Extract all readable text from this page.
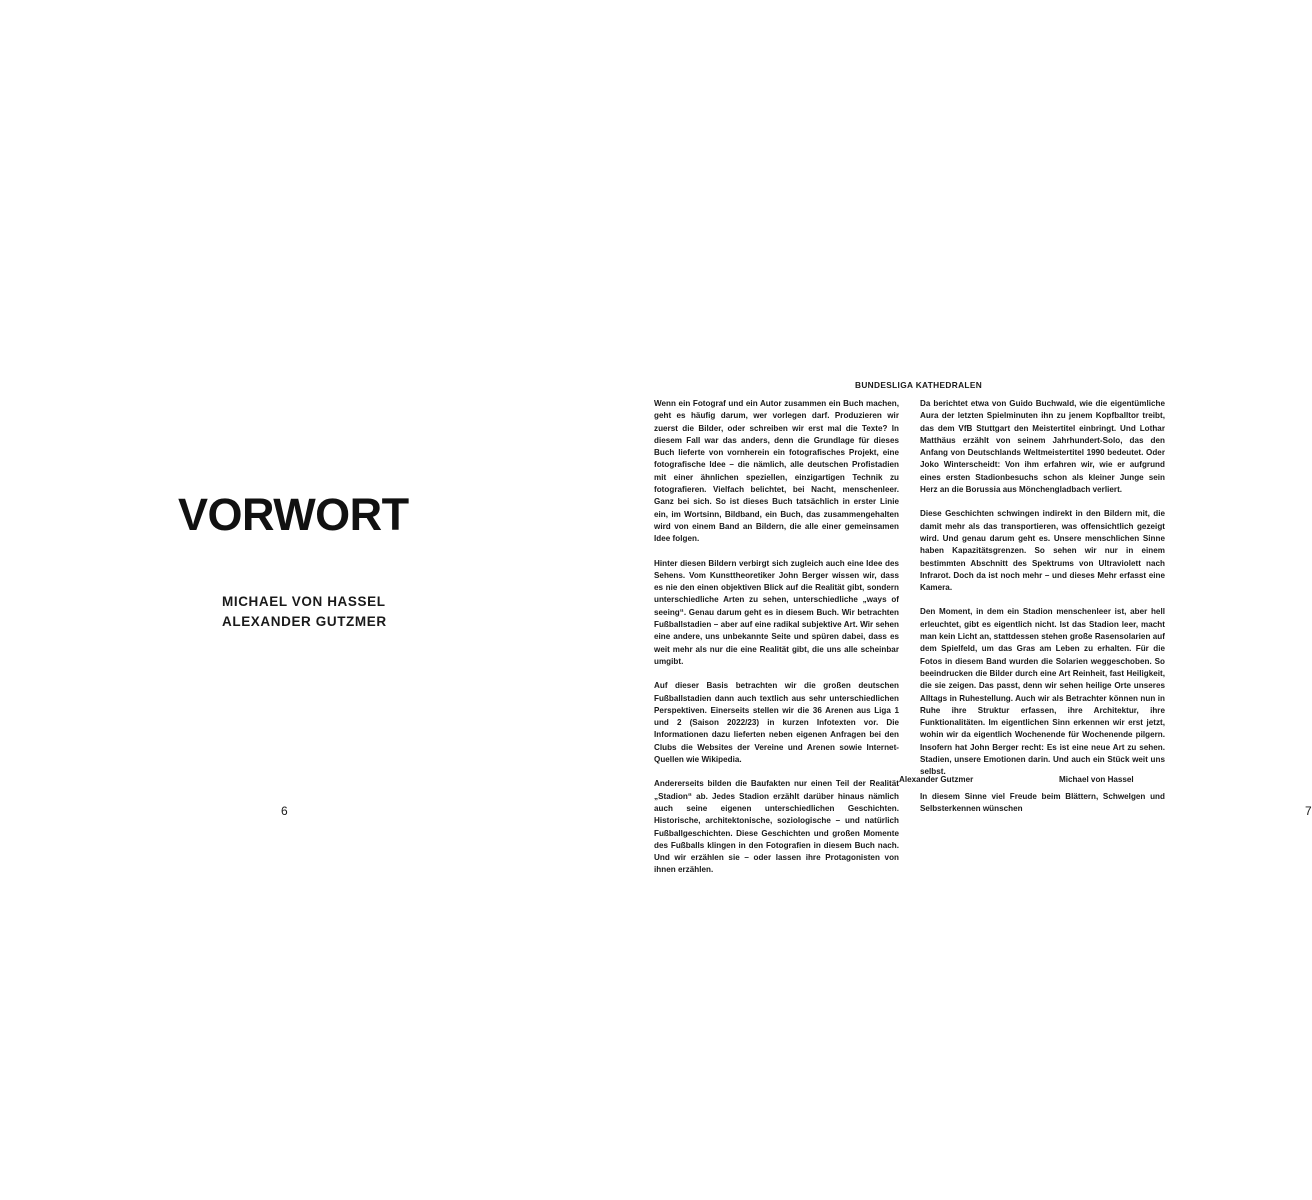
VORWORT
MICHAEL VON HASSEL
ALEXANDER GUTZMER
6
BUNDESLIGA KATHEDRALEN

Wenn ein Fotograf und ein Autor zusammen ein Buch machen, geht es häufig darum, wer vorlegen darf. Produzieren wir zuerst die Bilder, oder schreiben wir erst mal die Texte? In diesem Fall war das anders, denn die Grundlage für dieses Buch lieferte von vornherein ein fotografisches Projekt, eine fotografische Idee – die nämlich, alle deutschen Profistadien mit einer ähnlichen speziellen, einzigartigen Technik zu fotografieren. Vielfach belichtet, bei Nacht, menschenleer. Ganz bei sich. So ist dieses Buch tatsächlich in erster Linie ein, im Wortsinn, Bildband, ein Buch, das zusammengehalten wird von einem Band an Bildern, die alle einer gemeinsamen Idee folgen.

Hinter diesen Bildern verbirgt sich zugleich auch eine Idee des Sehens. Vom Kunsttheoretiker John Berger wissen wir, dass es nie den einen objektiven Blick auf die Realität gibt, sondern unterschiedliche Arten zu sehen, unterschiedliche „ways of seeing“. Genau darum geht es in diesem Buch. Wir betrachten Fußballstadien – aber auf eine radikal subjektive Art. Wir sehen eine andere, uns unbekannte Seite und spüren dabei, dass es weit mehr als nur die eine Realität gibt, die uns alle scheinbar umgibt.

Auf dieser Basis betrachten wir die großen deutschen Fußballstadien dann auch textlich aus sehr unterschiedlichen Perspektiven. Einerseits stellen wir die 36 Arenen aus Liga 1 und 2 (Saison 2022/23) in kurzen Infotexten vor. Die Informationen dazu lieferten neben eigenen Anfragen bei den Clubs die Websites der Vereine und Arenen sowie Internet-Quellen wie Wikipedia.

Andererseits bilden die Baufakten nur einen Teil der Realität „Stadion“ ab. Jedes Stadion erzählt darüber hinaus nämlich auch seine eigenen unterschiedlichen Geschichten. Historische, architektonische, soziologische – und natürlich Fußballgeschichten. Diese Geschichten und großen Momente des Fußballs klingen in den Fotografien in diesem Buch nach. Und wir erzählen sie – oder lassen ihre Protagonisten von ihnen erzählen.

Da berichtet etwa von Guido Buchwald, wie die eigentümliche Aura der letzten Spielminuten ihn zu jenem Kopfballtor treibt, das dem VfB Stuttgart den Meistertitel einbringt. Und Lothar Matthäus erzählt von seinem Jahrhundert-Solo, das den Anfang von Deutschlands Weltmeistertitel 1990 bedeutet. Oder Joko Winterscheidt: Von ihm erfahren wir, wie er aufgrund eines ersten Stadionbesuchs schon als kleiner Junge sein Herz an die Borussia aus Mönchengladbach verliert.

Diese Geschichten schwingen indirekt in den Bildern mit, die damit mehr als das transportieren, was offensichtlich gezeigt wird. Und genau darum geht es. Unsere menschlichen Sinne haben Kapazitätsgrenzen. So sehen wir nur in einem bestimmten Abschnitt des Spektrums von Ultraviolett nach Infrarot. Doch da ist noch mehr – und dieses Mehr erfasst eine Kamera.

Den Moment, in dem ein Stadion menschenleer ist, aber hell erleuchtet, gibt es eigentlich nicht. Ist das Stadion leer, macht man kein Licht an, stattdessen stehen große Rasensolarien auf dem Spielfeld, um das Gras am Leben zu erhalten. Für die Fotos in diesem Band wurden die Solarien weggeschoben. So beeindrucken die Bilder durch eine Art Reinheit, fast Heiligkeit, die sie zeigen. Das passt, denn wir sehen heilige Orte unseres Alltags in Ruhestellung. Auch wir als Betrachter können nun in Ruhe ihre Struktur erfassen, ihre Architektur, ihre Funktionalitäten. Im eigentlichen Sinn erkennen wir erst jetzt, wohin wir da eigentlich Wochenende für Wochenende pilgern. Insofern hat John Berger recht: Es ist eine neue Art zu sehen. Stadien, unsere Emotionen darin. Und auch ein Stück weit uns selbst.

In diesem Sinne viel Freude beim Blättern, Schwelgen und Selbsterkennen wünschen

Alexander Gutzmer	Michael von Hassel
7
